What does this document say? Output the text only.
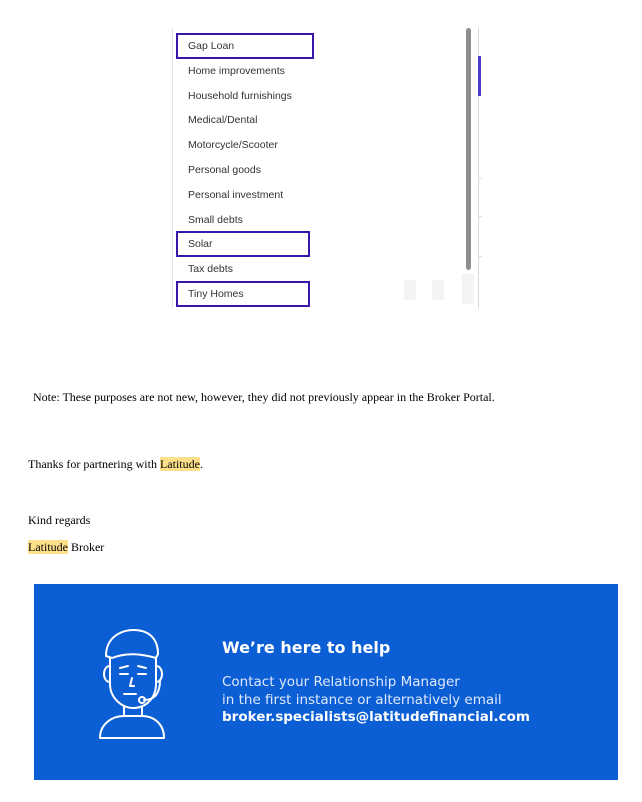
Gap Loan
Home improvements
Household furnishings
Medical/Dental
Motorcycle/Scooter
Personal goods
Personal investment
Small debts
Solar
Tax debts
Tiny Homes
Note: These purposes are not new, however, they did not previously appear in the Broker Portal.
Thanks for partnering with Latitude.
Kind regards
Latitude Broker
We’re here to help
Contact your Relationship Manager
in the first instance or alternatively email
broker.specialists@latitudefinancial.com
